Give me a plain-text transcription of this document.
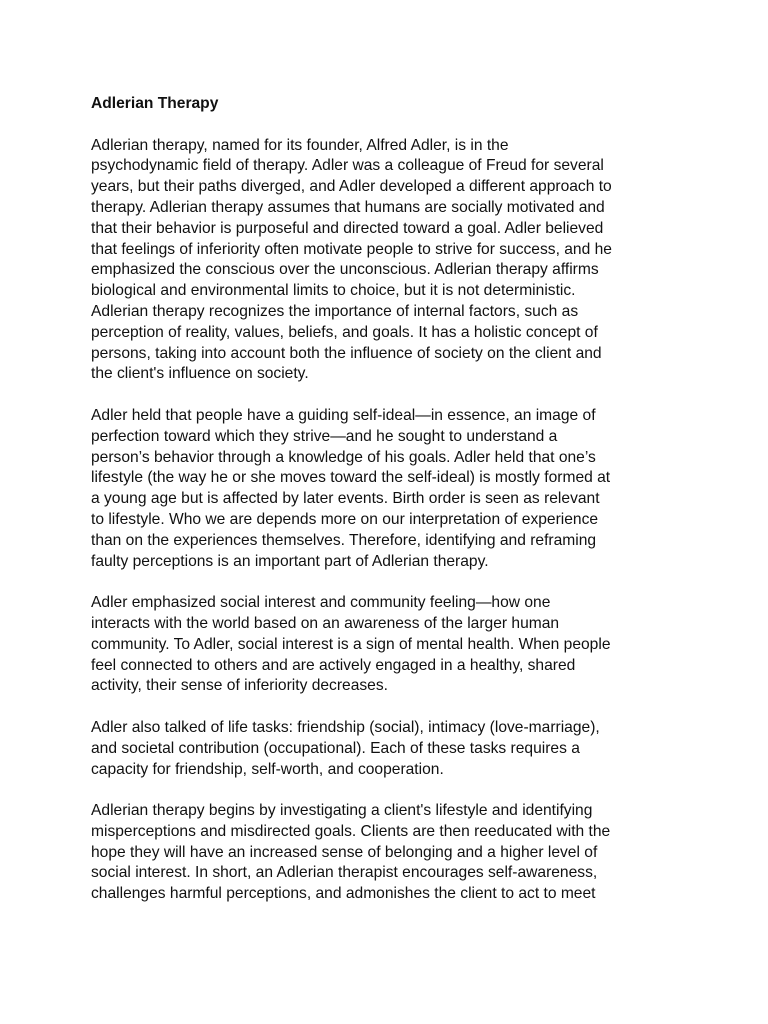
Adlerian Therapy
Adlerian therapy, named for its founder, Alfred Adler, is in the
psychodynamic field of therapy. Adler was a colleague of Freud for several
years, but their paths diverged, and Adler developed a different approach to
therapy. Adlerian therapy assumes that humans are socially motivated and
that their behavior is purposeful and directed toward a goal. Adler believed
that feelings of inferiority often motivate people to strive for success, and he
emphasized the conscious over the unconscious. Adlerian therapy affirms
biological and environmental limits to choice, but it is not deterministic.
Adlerian therapy recognizes the importance of internal factors, such as
perception of reality, values, beliefs, and goals. It has a holistic concept of
persons, taking into account both the influence of society on the client and
the client's influence on society.
Adler held that people have a guiding self-ideal—in essence, an image of
perfection toward which they strive—and he sought to understand a
person’s behavior through a knowledge of his goals. Adler held that one’s
lifestyle (the way he or she moves toward the self-ideal) is mostly formed at
a young age but is affected by later events. Birth order is seen as relevant
to lifestyle. Who we are depends more on our interpretation of experience
than on the experiences themselves. Therefore, identifying and reframing
faulty perceptions is an important part of Adlerian therapy.
Adler emphasized social interest and community feeling—how one
interacts with the world based on an awareness of the larger human
community. To Adler, social interest is a sign of mental health. When people
feel connected to others and are actively engaged in a healthy, shared
activity, their sense of inferiority decreases.
Adler also talked of life tasks: friendship (social), intimacy (love-marriage),
and societal contribution (occupational). Each of these tasks requires a
capacity for friendship, self-worth, and cooperation.
Adlerian therapy begins by investigating a client's lifestyle and identifying
misperceptions and misdirected goals. Clients are then reeducated with the
hope they will have an increased sense of belonging and a higher level of
social interest. In short, an Adlerian therapist encourages self-awareness,
challenges harmful perceptions, and admonishes the client to act to meet
